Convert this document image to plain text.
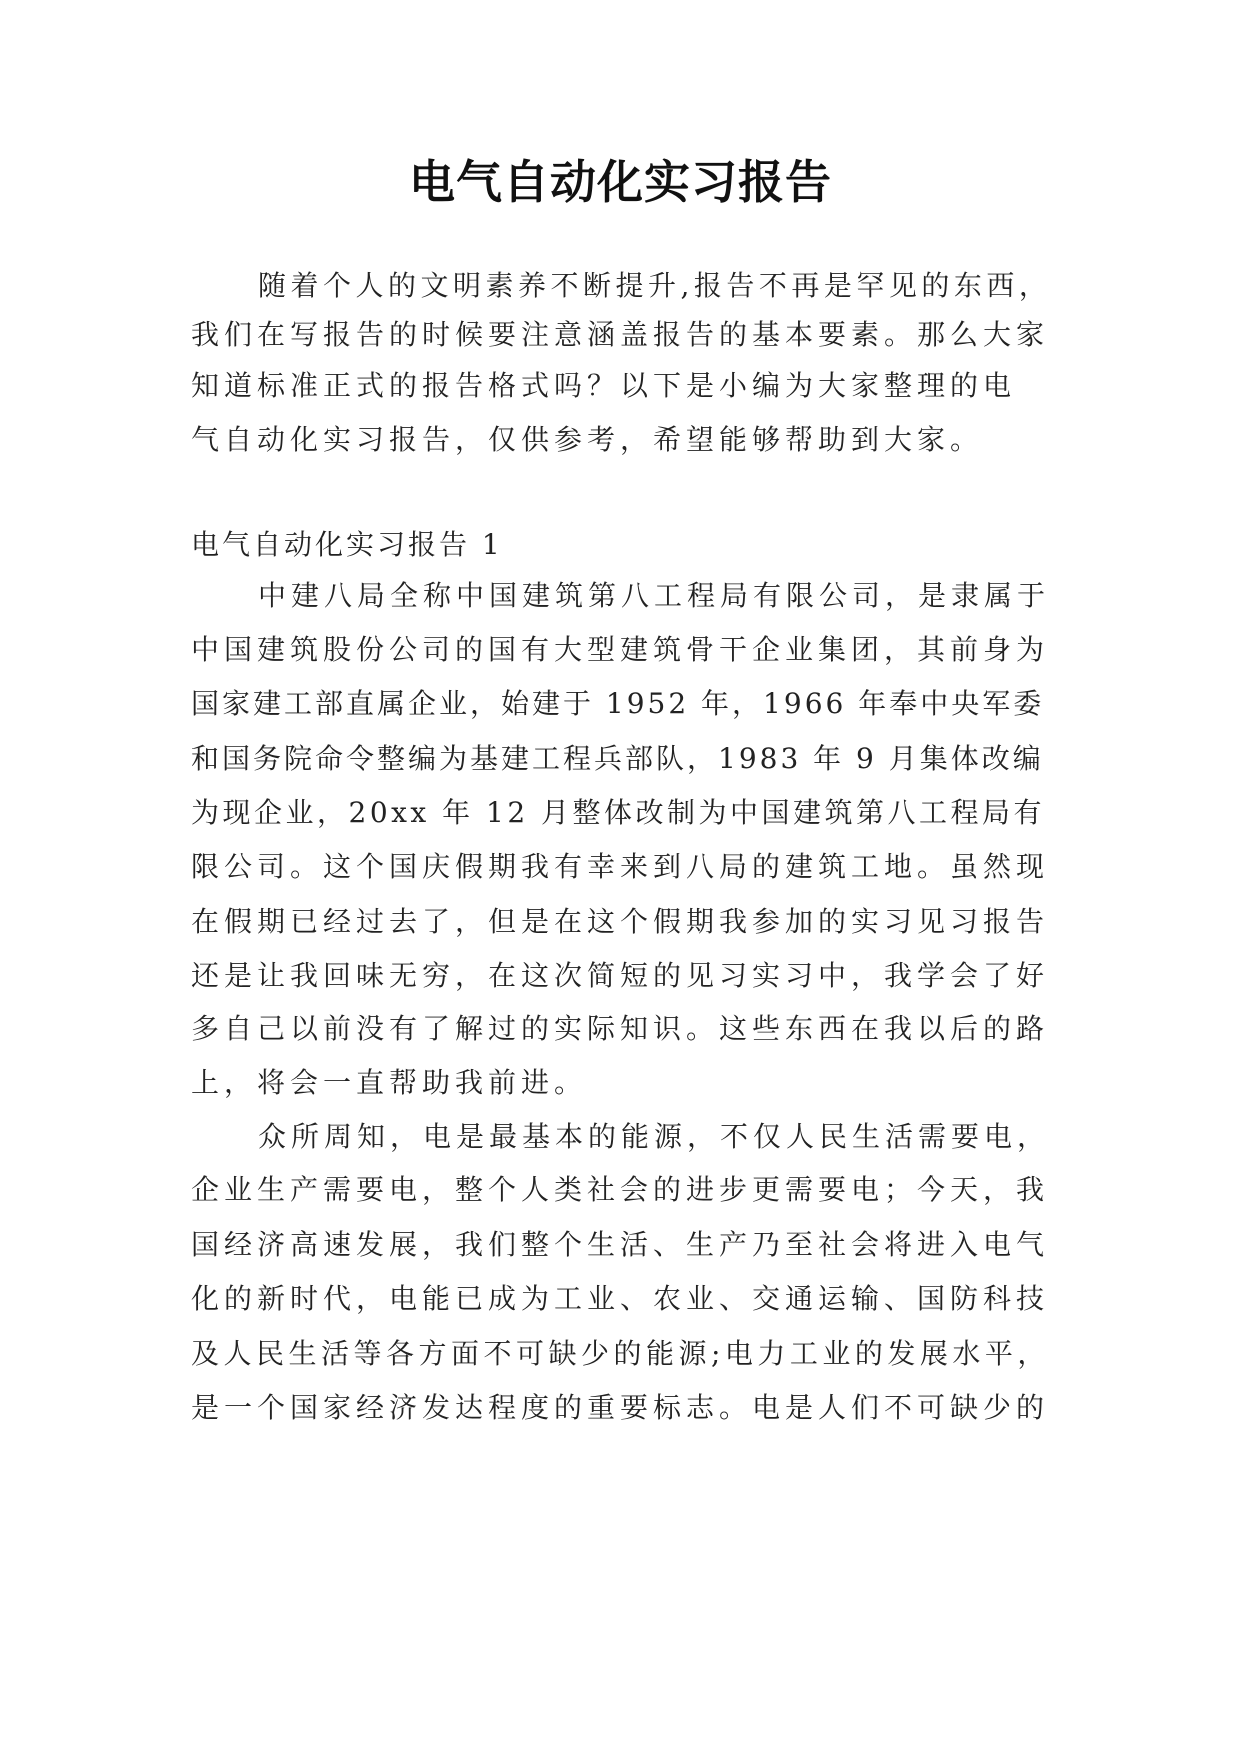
电气自动化实习报告

随着个人的文明素养不断提升,报告不再是罕见的东西，

我们在写报告的时候要注意涵盖报告的基本要素。那么大家

知道标准正式的报告格式吗？以下是小编为大家整理的电

气自动化实习报告，仅供参考，希望能够帮助到大家。

电气自动化实习报告 1

中建八局全称中国建筑第八工程局有限公司，是隶属于

中国建筑股份公司的国有大型建筑骨干企业集团，其前身为

国家建工部直属企业，始建于 1952 年，1966 年奉中央军委

和国务院命令整编为基建工程兵部队，1983 年 9 月集体改编

为现企业，20xx 年 12 月整体改制为中国建筑第八工程局有

限公司。这个国庆假期我有幸来到八局的建筑工地。虽然现

在假期已经过去了，但是在这个假期我参加的实习见习报告

还是让我回味无穷，在这次简短的见习实习中，我学会了好

多自己以前没有了解过的实际知识。这些东西在我以后的路

上，将会一直帮助我前进。

众所周知，电是最基本的能源，不仅人民生活需要电，

企业生产需要电，整个人类社会的进步更需要电；今天，我

国经济高速发展，我们整个生活、生产乃至社会将进入电气

化的新时代，电能已成为工业、农业、交通运输、国防科技

及人民生活等各方面不可缺少的能源;电力工业的发展水平，

是一个国家经济发达程度的重要标志。电是人们不可缺少的
